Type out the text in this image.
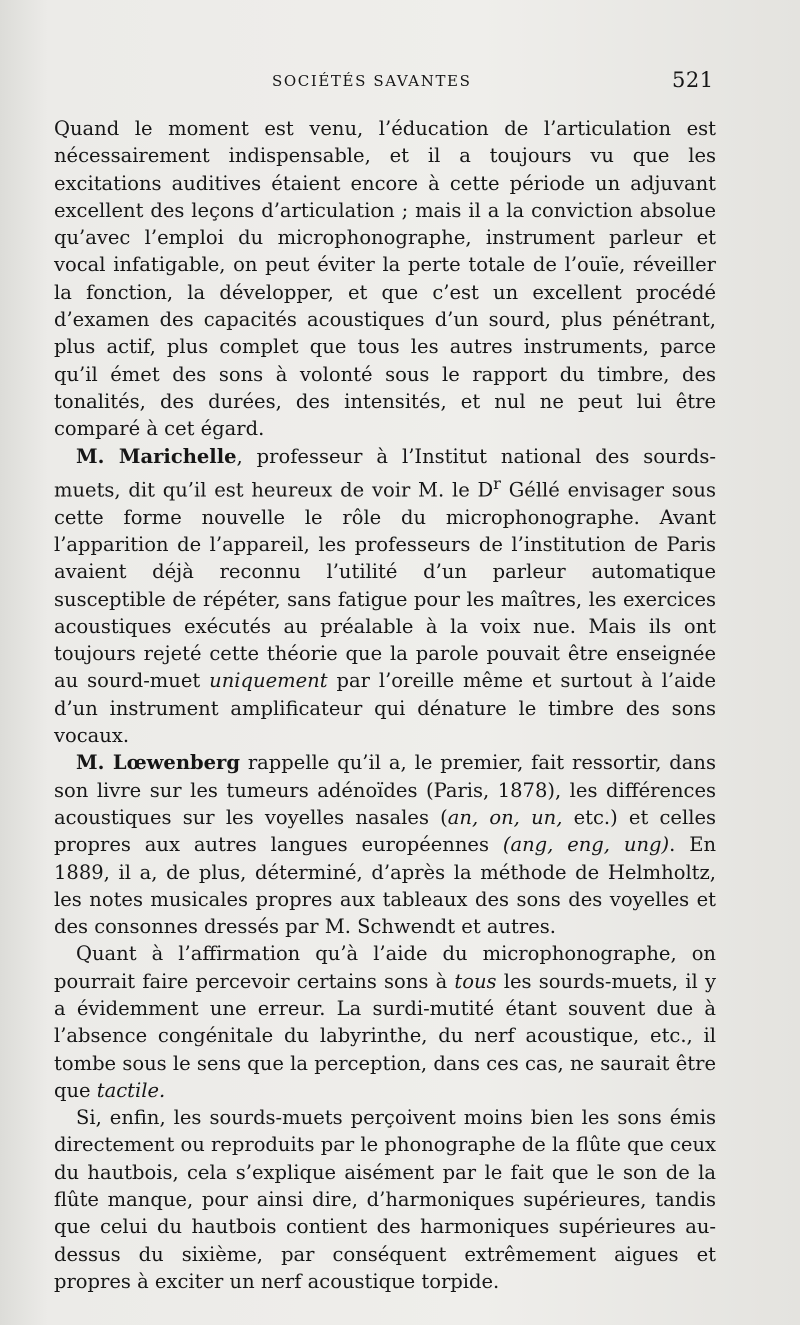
SOCIÉTÉS SAVANTES	521

Quand le moment est venu, l’éducation de l’articulation est nécessairement indispensable, et il a toujours vu que les excitations auditives étaient encore à cette période un adjuvant excellent des leçons d’articulation ; mais il a la conviction absolue qu’avec l’emploi du microphonographe, instrument parleur et vocal infatigable, on peut éviter la perte totale de l’ouïe, réveiller la fonction, la développer, et que c’est un excellent procédé d’examen des capacités acoustiques d’un sourd, plus pénétrant, plus actif, plus complet que tous les autres instruments, parce qu’il émet des sons à volonté sous le rapport du timbre, des tonalités, des durées, des intensités, et nul ne peut lui être comparé à cet égard.

M. Marichelle, professeur à l’Institut national des sourds-muets, dit qu’il est heureux de voir M. le $D^r$ Géllé envisager sous cette forme nouvelle le rôle du microphonographe. Avant l’apparition de l’appareil, les professeurs de l’institution de Paris avaient déjà reconnu l’utilité d’un parleur automatique susceptible de répéter, sans fatigue pour les maîtres, les exercices acoustiques exécutés au préalable à la voix nue. Mais ils ont toujours rejeté cette théorie que la parole pouvait être enseignée au sourd-muet uniquement par l’oreille même et surtout à l’aide d’un instrument amplificateur qui dénature le timbre des sons vocaux.

M. Lœwenberg rappelle qu’il a, le premier, fait ressortir, dans son livre sur les tumeurs adénoïdes (Paris, 1878), les différences acoustiques sur les voyelles nasales (an, on, un, etc.) et celles propres aux autres langues européennes (ang, eng, ung). En 1889, il a, de plus, déterminé, d’après la méthode de Helmholtz, les notes musicales propres aux tableaux des sons des voyelles et des consonnes dressés par M. Schwendt et autres.

Quant à l’affirmation qu’à l’aide du microphonographe, on pourrait faire percevoir certains sons à tous les sourds-muets, il y a évidemment une erreur. La surdi-mutité étant souvent due à l’absence congénitale du labyrinthe, du nerf acoustique, etc., il tombe sous le sens que la perception, dans ces cas, ne saurait être que tactile.

Si, enfin, les sourds-muets perçoivent moins bien les sons émis directement ou reproduits par le phonographe de la flûte que ceux du hautbois, cela s’explique aisément par le fait que le son de la flûte manque, pour ainsi dire, d’harmoniques supérieures, tandis que celui du hautbois contient des harmoniques supérieures au-dessus du sixième, par conséquent extrêmement aigues et propres à exciter un nerf acoustique torpide.
